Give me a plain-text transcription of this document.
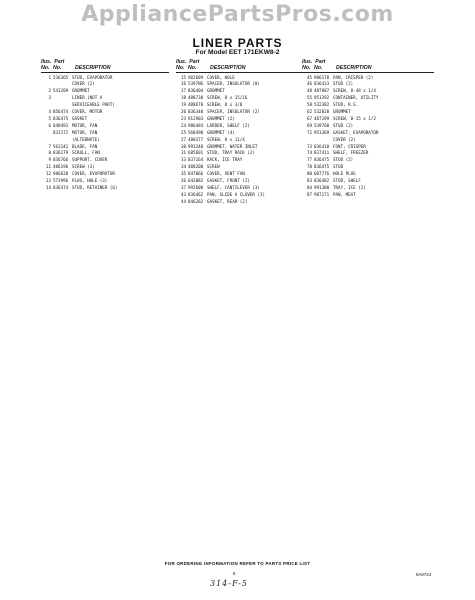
AppliancePartsPros.com
LINER PARTS
For Model EET 171EKW8-2
Ilus. Part
No. No.	DESCRIPTION
1 536365 STUD, EVAPORATOR
COVER (2)
2 541209 GROMMET
3	LINER (NOT A
SERVICEABLE PART)
4 856474 COVER, MOTOR
5 836475 GASKET
6 848493 MOTOR, FAN
831172 MOTOR, FAN
(ALTERNATE)
7 563141 BLADE, FAN
8 836179 SCROLL, FAN
9 836766 SUPPORT, COVER
11 486196 SCREW (3)
12 986628 COVER, EVAPORATOR
13 573996 PLUG, HOLE (3)
14 836474 STUD, RETAINER (6)
Ilus. Part
No. No.	DESCRIPTION
15 902609 COVER, HOLE
16 5397NS SPACER, INSULATOR (8)
17 836404 GROMMET
18 488738 SCREW, 8 x 15/16
19 488670 SCREW, 8 x 3/8
20 836340 SPACER, INSULATOR (2)
23 912903 GROMMET (2)
24 986484 LADDER, SHELF (2)
25 568490 GROMMET (4)
27 488377 SCREW, 8 x 11/4
30 991348 GROMMET, WATER INLET
31 685601 STUD, TRAY RACK (2)
33 837164 RACK, ICE TRAY
34 488200 SCREW
35 847066 COVER, VENT FAN
36 642082 GASKET, FRONT (2)
37 992600 SHELF, CANTILEVER (3)
43 836462 PAN, SLIDE A CLOVER (3)
44 846282 GASKET, REAR (2)
Ilus. Part
No. No.	DESCRIPTION
45 986170 PAN, CRISPER (2)
46 836433 STUD (2)
48 487887 SCREW, 8-48 x 1/4
55 951392 CONTAINER, UTILITY
58 532382 STUD, R.S.
62 532828 GROMMET
67 487199 SCREW, 8-15 x 1/2
69 539768 STUD (2)
72 951369 GASKET, EVAPORATOR
COVER (2)
73 836410 FONT, CRISPER
74 837411 SHELF, FREEZER
77 836475 STUD (2)
78 836475 STUD
80 607776 HOLE PLUG
83 836482 STUD, SHELF
84 991380 TRAY, ICE (2)
87 987171 PAN, MEAT
FOR ORDERING INFORMATION REFER TO PARTS PRICE LIST
5	9A0724
314-F-5
